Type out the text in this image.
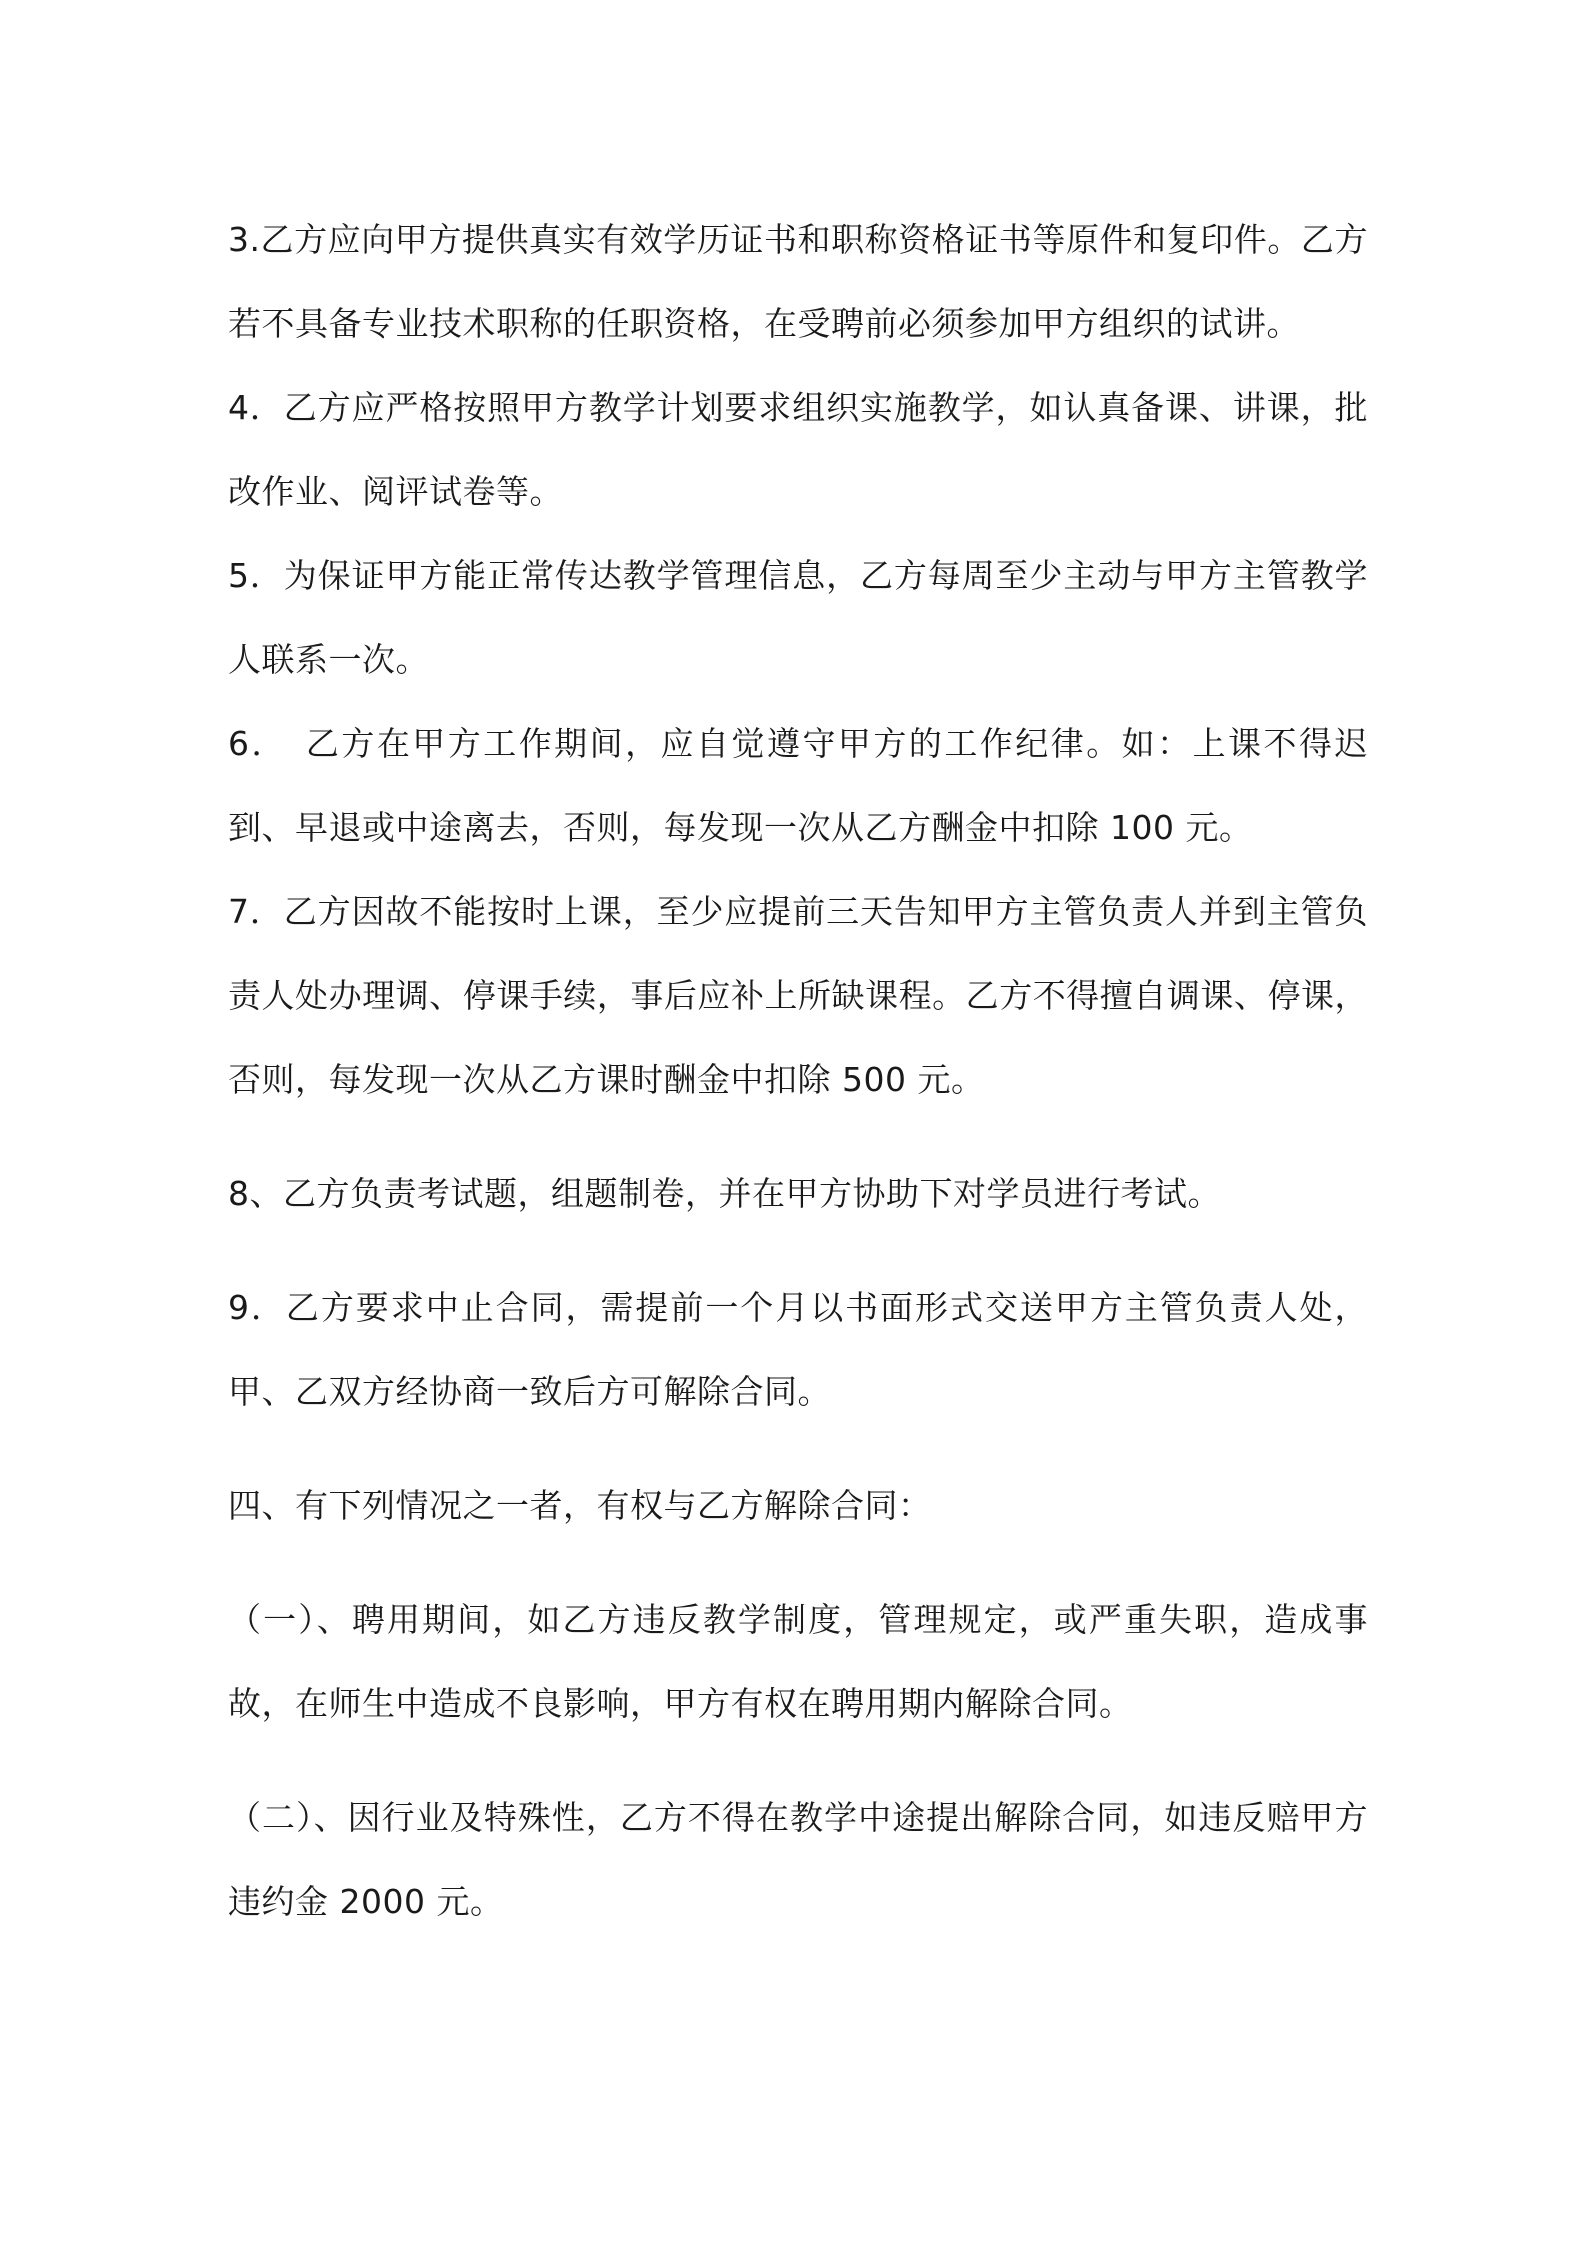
3.乙方应向甲方提供真实有效学历证书和职称资格证书等原件和复印件。乙方若不具备专业技术职称的任职资格，在受聘前必须参加甲方组织的试讲。

4．乙方应严格按照甲方教学计划要求组织实施教学，如认真备课、讲课，批改作业、阅评试卷等。

5．为保证甲方能正常传达教学管理信息，乙方每周至少主动与甲方主管教学人联系一次。

6．　乙方在甲方工作期间，应自觉遵守甲方的工作纪律。如：上课不得迟到、早退或中途离去，否则，每发现一次从乙方酬金中扣除 100 元。

7．乙方因故不能按时上课，至少应提前三天告知甲方主管负责人并到主管负责人处办理调、停课手续，事后应补上所缺课程。乙方不得擅自调课、停课，否则，每发现一次从乙方课时酬金中扣除 500 元。

8、乙方负责考试题，组题制卷，并在甲方协助下对学员进行考试。

9．乙方要求中止合同，需提前一个月以书面形式交送甲方主管负责人处，甲、乙双方经协商一致后方可解除合同。

四、有下列情况之一者，有权与乙方解除合同：

（一）、聘用期间，如乙方违反教学制度，管理规定，或严重失职，造成事故，在师生中造成不良影响，甲方有权在聘用期内解除合同。

（二）、因行业及特殊性，乙方不得在教学中途提出解除合同，如违反赔甲方违约金 2000 元。
